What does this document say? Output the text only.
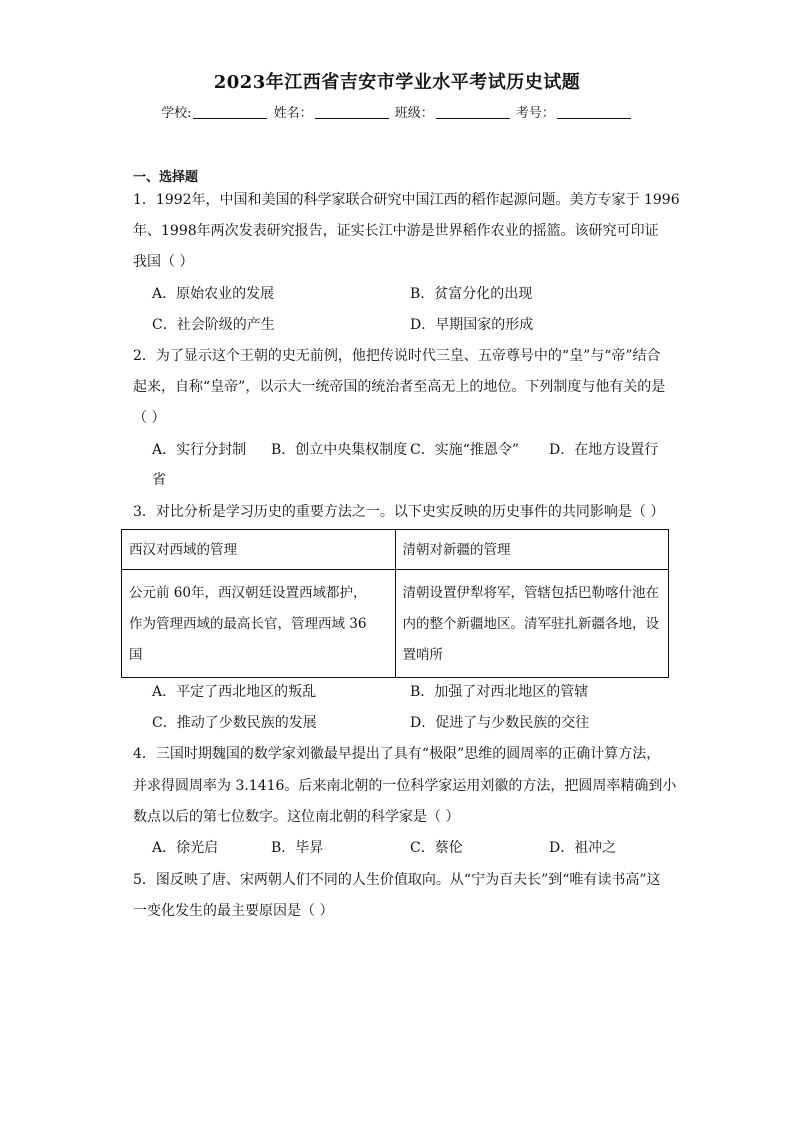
2023年江西省吉安市学业水平考试历史试题
学校:	姓名：	班级：	考号：
一、选择题
1．1992年，中国和美国的科学家联合研究中国江西的稻作起源问题。美方专家于 1996
年、1998年两次发表研究报告，证实长江中游是世界稻作农业的摇篮。该研究可印证
我国（ ）
A．原始农业的发展	B．贫富分化的出现
C．社会阶级的产生	D．早期国家的形成
2．为了显示这个王朝的史无前例，他把传说时代三皇、五帝尊号中的“皇”与“帝”结合
起来，自称“皇帝”，以示大一统帝国的统治者至高无上的地位。下列制度与他有关的是
（ ）
A．实行分封制 B．创立中央集权制度 C．实施“推恩令” D．在地方设置行
省
3．对比分析是学习历史的重要方法之一。以下史实反映的历史事件的共同影响是（ ）
西汉对西域的管理	清朝对新疆的管理
公元前 60年，西汉朝廷设置西域都护，
作为管理西域的最高长官，管理西域 36
国	清朝设置伊犁将军，管辖包括巴勒喀什池在
内的整个新疆地区。清军驻扎新疆各地，设
置哨所
A．平定了西北地区的叛乱	B．加强了对西北地区的管辖
C．推动了少数民族的发展	D．促进了与少数民族的交往
4．三国时期魏国的数学家刘徽最早提出了具有“极限”思维的圆周率的正确计算方法，
并求得圆周率为 3.1416。后来南北朝的一位科学家运用刘徽的方法，把圆周率精确到小
数点以后的第七位数字。这位南北朝的科学家是（ ）
A．徐光启	B．毕昇	C．蔡伦	D．祖冲之
5．图反映了唐、宋两朝人们不同的人生价值取向。从“宁为百夫长”到“唯有读书高”这
一变化发生的最主要原因是（ ）
